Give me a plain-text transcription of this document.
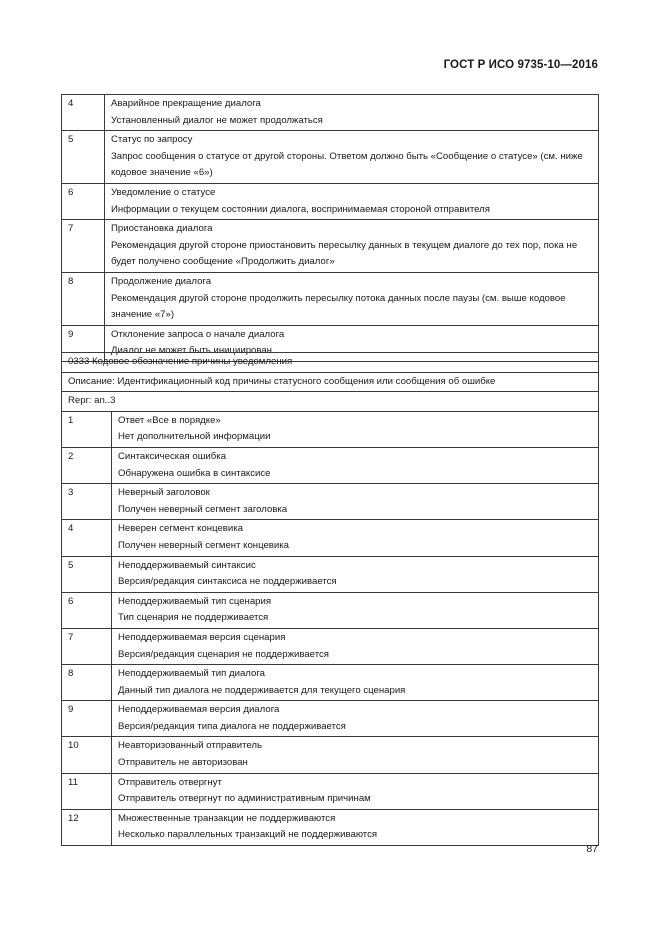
ГОСТ Р ИСО 9735-10—2016
4	Аварийное прекращение диалога
Установленный диалог не может продолжаться

5	Статус по запросу
Запрос сообщения о статусе от другой стороны. Ответом должно быть «Сообщение о статусе» (см. ниже
кодовое значение «6»)

6	Уведомление о статусе
Информации о текущем состоянии диалога, воспринимаемая стороной отправителя

7	Приостановка диалога
Рекомендация другой стороне приостановить пересылку данных в текущем диалоге до тех пор, пока не
будет получено сообщение «Продолжить диалог»

8	Продолжение диалога
Рекомендация другой стороне продолжить пересылку потока данных после паузы (см. выше кодовое
значение «7»)

9	Отклонение запроса о начале диалога
Диалог не может быть инициирован
0333 Кодовое обозначение причины уведомления	
Описание: Идентификационный код причины статусного сообщения или сообщения об ошибке	
Repr: an..3	
1	Ответ «Все в порядке»
Нет дополнительной информации

2	Синтаксическая ошибка
Обнаружена ошибка в синтаксисе

3	Неверный заголовок
Получен неверный сегмент заголовка

4	Неверен сегмент концевика
Получен неверный сегмент концевика

5	Неподдерживаемый синтаксис
Версия/редакция синтаксиса не поддерживается

6	Неподдерживаемый тип сценария
Тип сценария не поддерживается

7	Неподдерживаемая версия сценария
Версия/редакция сценария не поддерживается

8	Неподдерживаемый тип диалога
Данный тип диалога не поддерживается для текущего сценария

9	Неподдерживаемая версия диалога
Версия/редакция типа диалога не поддерживается

10	Неавторизованный отправитель
Отправитель не авторизован

11	Отправитель отвергнут
Отправитель отвергнут по административным причинам

12	Множественные транзакции не поддерживаются
Несколько параллельных транзакций не поддерживаются
87
